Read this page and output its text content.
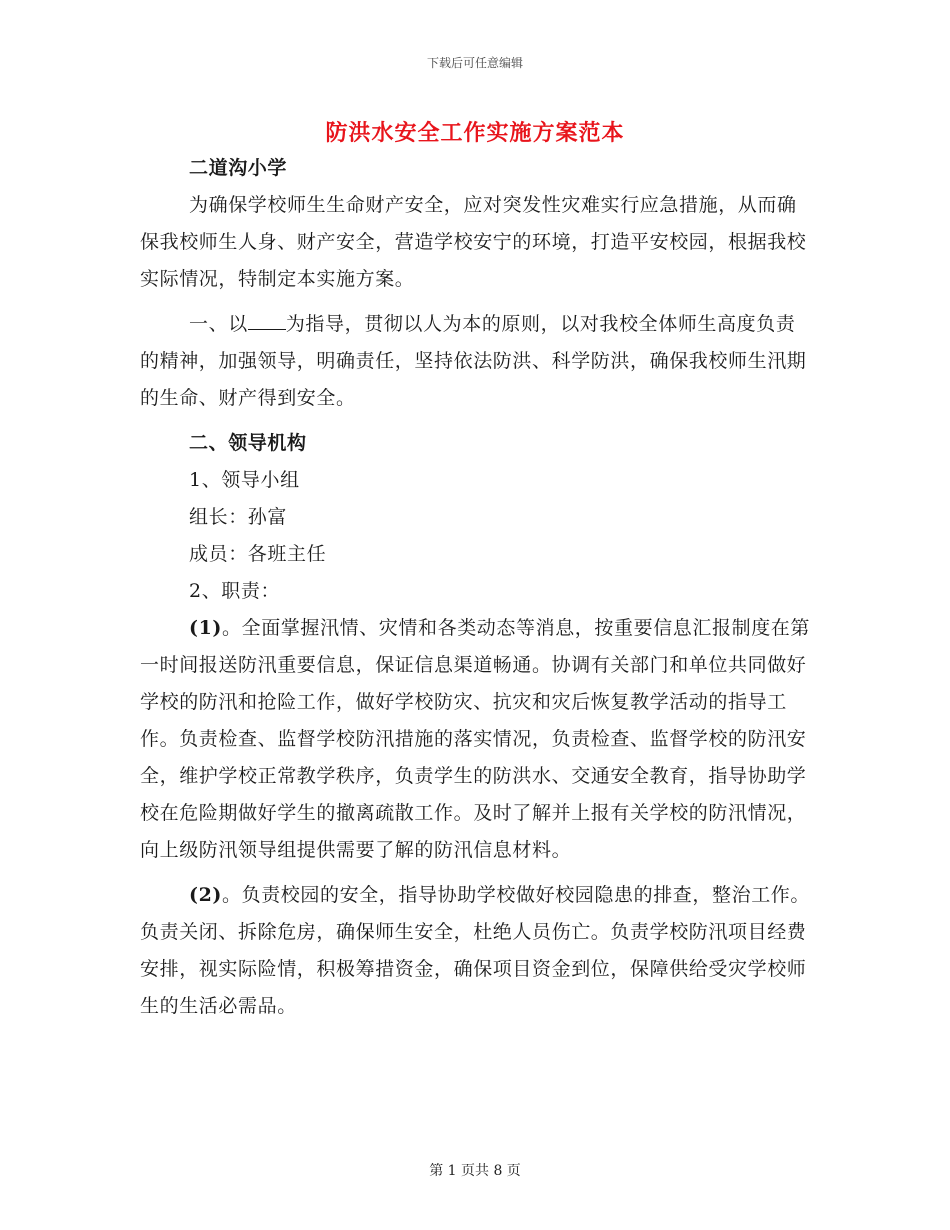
下载后可任意编辑
防洪水安全工作实施方案范本

二道沟小学

为确保学校师生生命财产安全，应对突发性灾难实行应急措施，从而确保我校师生人身、财产安全，营造学校安宁的环境，打造平安校园，根据我校实际情况，特制定本实施方案。

一、以 为指导，贯彻以人为本的原则，以对我校全体师生高度负责的精神，加强领导，明确责任，坚持依法防洪、科学防洪，确保我校师生汛期的生命、财产得到安全。

二、领导机构

1、领导小组

组长：孙富

成员：各班主任

2、职责：

(1)。全面掌握汛情、灾情和各类动态等消息，按重要信息汇报制度在第一时间报送防汛重要信息，保证信息渠道畅通。协调有关部门和单位共同做好学校的防汛和抢险工作，做好学校防灾、抗灾和灾后恢复教学活动的指导工作。负责检查、监督学校防汛措施的落实情况，负责检查、监督学校的防汛安全，维护学校正常教学秩序，负责学生的防洪水、交通安全教育，指导协助学校在危险期做好学生的撤离疏散工作。及时了解并上报有关学校的防汛情况，向上级防汛领导组提供需要了解的防汛信息材料。

(2)。负责校园的安全，指导协助学校做好校园隐患的排查，整治工作。负责关闭、拆除危房，确保师生安全，杜绝人员伤亡。负责学校防汛项目经费安排，视实际险情，积极筹措资金，确保项目资金到位，保障供给受灾学校师生的生活必需品。

第 1 页共 8 页
